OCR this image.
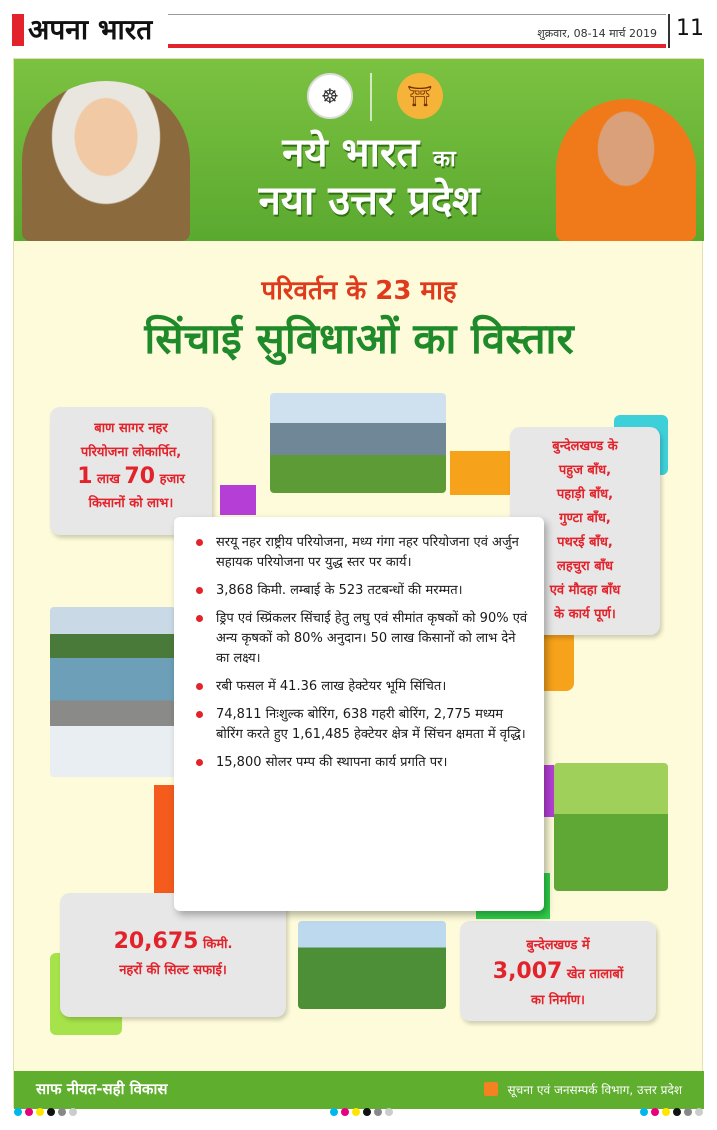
अपना भारत	शुक्रवार, 08-14 मार्च 2019 11
☸	⛩
नये भारत का
नया उत्तर प्रदेश
परिवर्तन के 23 माह
सिंचाई सुविधाओं का विस्तार
बाण सागर नहर
परियोजना लोकार्पित,
1 लाख 70 हजार
किसानों को लाभ।
बुन्देलखण्ड के
पहुज बाँध,
पहाड़ी बाँध,
गुण्टा बाँध,
पथरई बाँध,
लहचुरा बाँध
एवं मौदहा बाँध
के कार्य पूर्ण।
20,675 किमी.
नहरों की सिल्ट सफाई।
बुन्देलखण्ड में
3,007 खेत तालाबों
का निर्माण।
सरयू नहर राष्ट्रीय परियोजना, मध्य गंगा नहर परियोजना एवं अर्जुन सहायक परियोजना पर युद्ध स्तर पर कार्य।
3,868 किमी. लम्बाई के 523 तटबन्धों की मरम्मत।
ड्रिप एवं स्प्रिंकलर सिंचाई हेतु लघु एवं सीमांत कृषकों को 90% एवं अन्य कृषकों को 80% अनुदान। 50 लाख किसानों को लाभ देने का लक्ष्य।
रबी फसल में 41.36 लाख हेक्टेयर भूमि सिंचित।
74,811 निःशुल्क बोरिंग, 638 गहरी बोरिंग, 2,775 मध्यम बोरिंग करते हुए 1,61,485 हेक्टेयर क्षेत्र में सिंचन क्षमता में वृद्धि।
15,800 सोलर पम्प की स्थापना कार्य प्रगति पर।
साफ नीयत-सही विकास	सूचना एवं जनसम्पर्क विभाग, उत्तर प्रदेश
